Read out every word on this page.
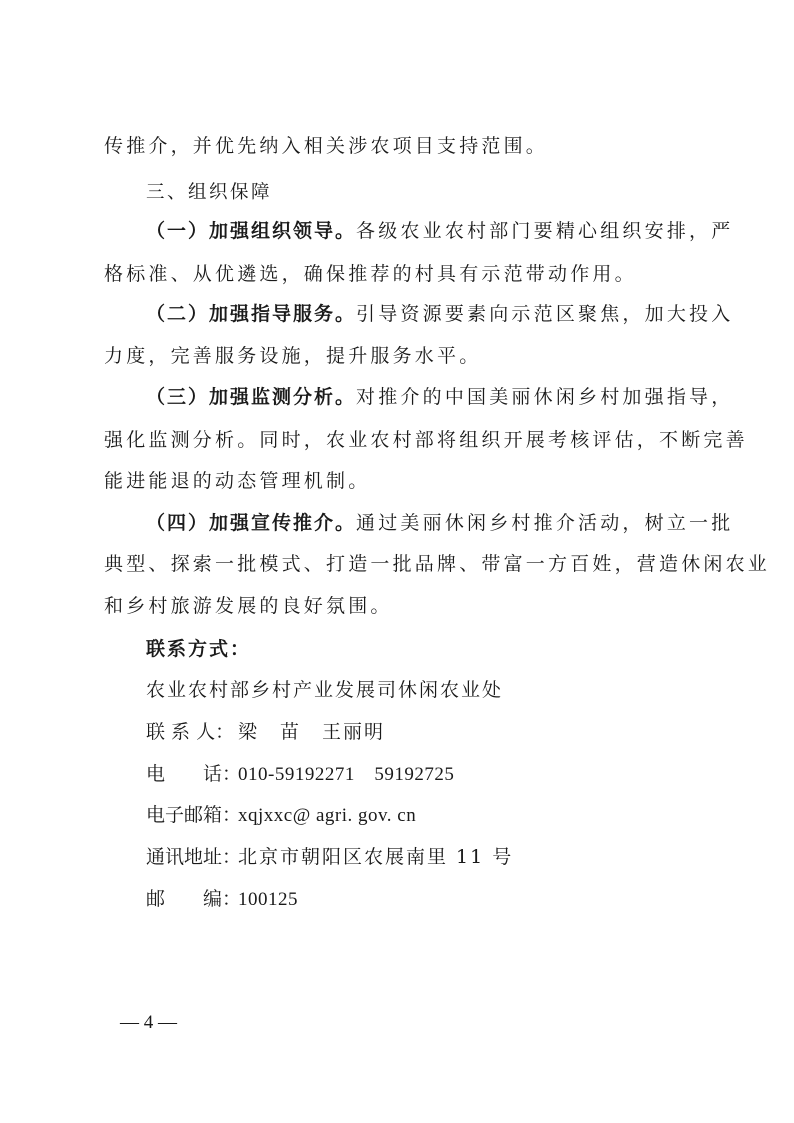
传推介，并优先纳入相关涉农项目支持范围。
三、组织保障
（一）加强组织领导。各级农业农村部门要精心组织安排，严
格标准、从优遴选，确保推荐的村具有示范带动作用。
（二）加强指导服务。引导资源要素向示范区聚焦，加大投入
力度，完善服务设施，提升服务水平。
（三）加强监测分析。对推介的中国美丽休闲乡村加强指导，
强化监测分析。同时，农业农村部将组织开展考核评估，不断完善
能进能退的动态管理机制。
（四）加强宣传推介。通过美丽休闲乡村推介活动，树立一批
典型、探索一批模式、打造一批品牌、带富一方百姓，营造休闲农业
和乡村旅游发展的良好氛围。
联系方式：
农业农村部乡村产业发展司休闲农业处
联 系 人： 梁　苗　王丽明
电　　话：010-59192271　59192725
电子邮箱：xqjxxc@ agri. gov. cn
通讯地址：北京市朝阳区农展南里 11 号
邮　　编：100125
— 4 —
